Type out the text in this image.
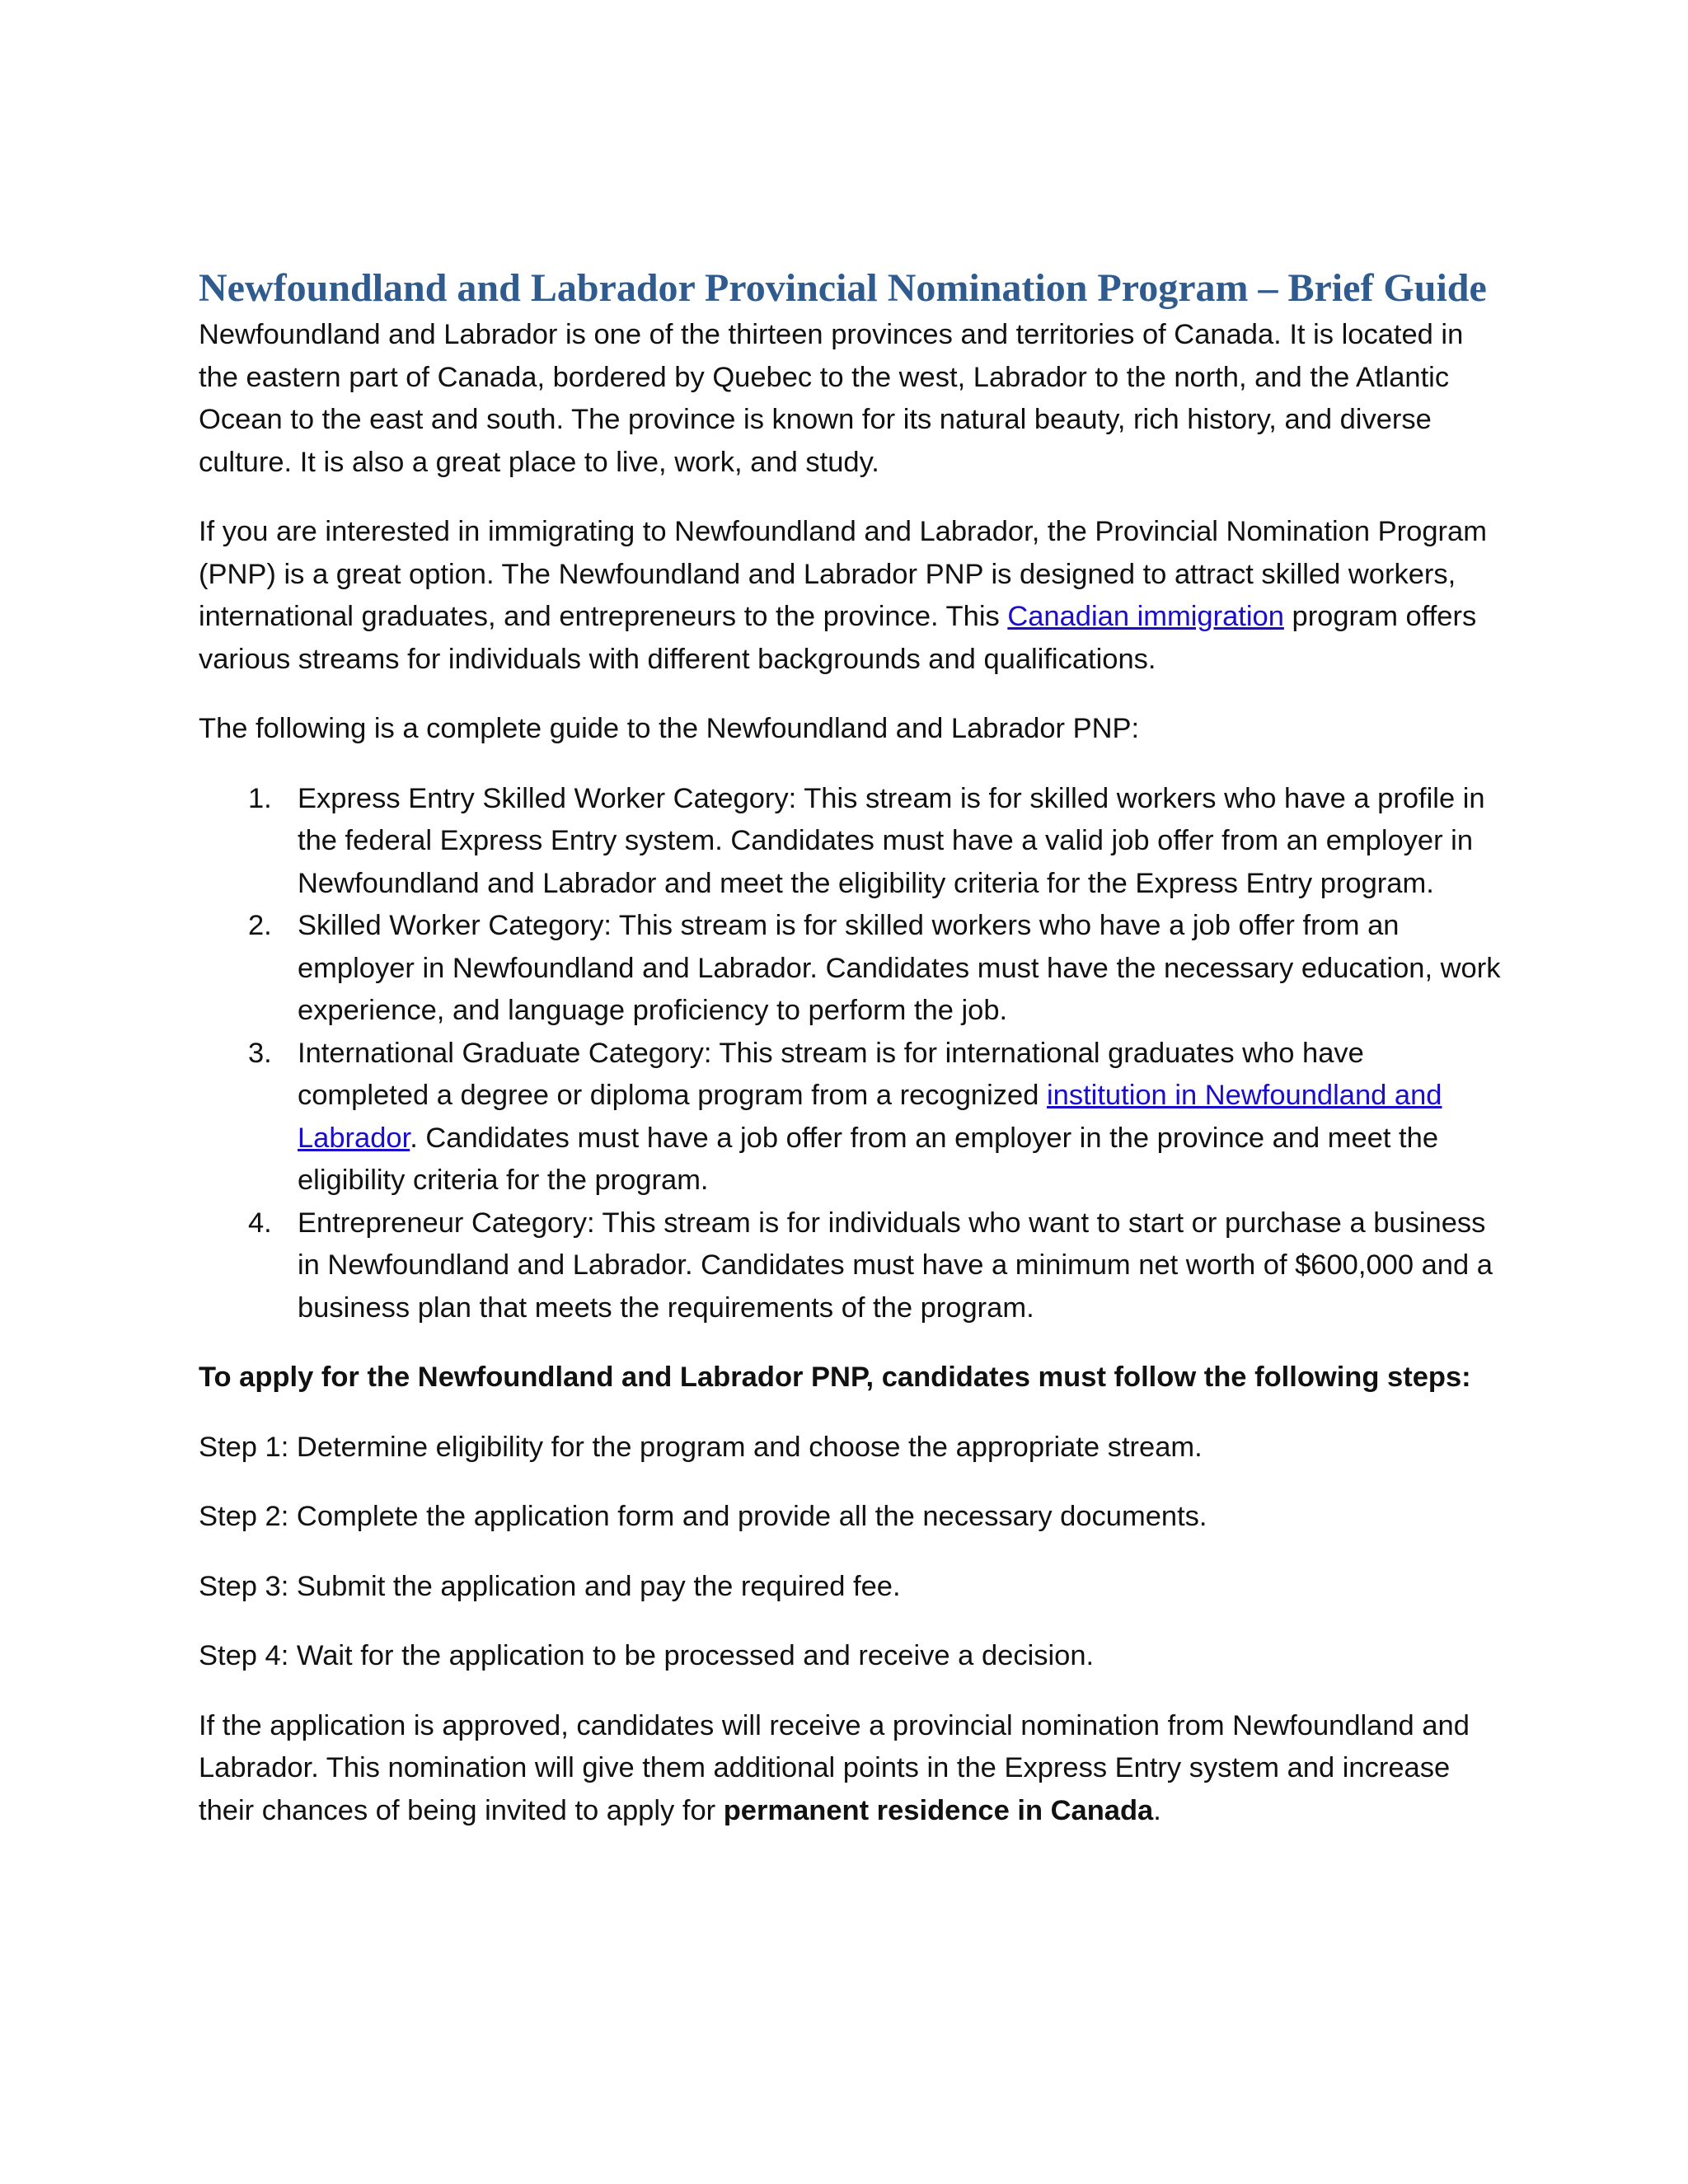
Newfoundland and Labrador Provincial Nomination Program – Brief Guide

Newfoundland and Labrador is one of the thirteen provinces and territories of Canada. It is located in the eastern part of Canada, bordered by Quebec to the west, Labrador to the north, and the Atlantic Ocean to the east and south. The province is known for its natural beauty, rich history, and diverse culture. It is also a great place to live, work, and study.

If you are interested in immigrating to Newfoundland and Labrador, the Provincial Nomination Program (PNP) is a great option. The Newfoundland and Labrador PNP is designed to attract skilled workers, international graduates, and entrepreneurs to the province. This Canadian immigration program offers various streams for individuals with different backgrounds and qualifications.

The following is a complete guide to the Newfoundland and Labrador PNP:

1. Express Entry Skilled Worker Category: This stream is for skilled workers who have a profile in the federal Express Entry system. Candidates must have a valid job offer from an employer in Newfoundland and Labrador and meet the eligibility criteria for the Express Entry program.
2. Skilled Worker Category: This stream is for skilled workers who have a job offer from an employer in Newfoundland and Labrador. Candidates must have the necessary education, work experience, and language proficiency to perform the job.
3. International Graduate Category: This stream is for international graduates who have completed a degree or diploma program from a recognized institution in Newfoundland and Labrador. Candidates must have a job offer from an employer in the province and meet the eligibility criteria for the program.
4. Entrepreneur Category: This stream is for individuals who want to start or purchase a business in Newfoundland and Labrador. Candidates must have a minimum net worth of $600,000 and a business plan that meets the requirements of the program.

To apply for the Newfoundland and Labrador PNP, candidates must follow the following steps:

Step 1: Determine eligibility for the program and choose the appropriate stream.

Step 2: Complete the application form and provide all the necessary documents.

Step 3: Submit the application and pay the required fee.

Step 4: Wait for the application to be processed and receive a decision.

If the application is approved, candidates will receive a provincial nomination from Newfoundland and Labrador. This nomination will give them additional points in the Express Entry system and increase their chances of being invited to apply for permanent residence in Canada.
